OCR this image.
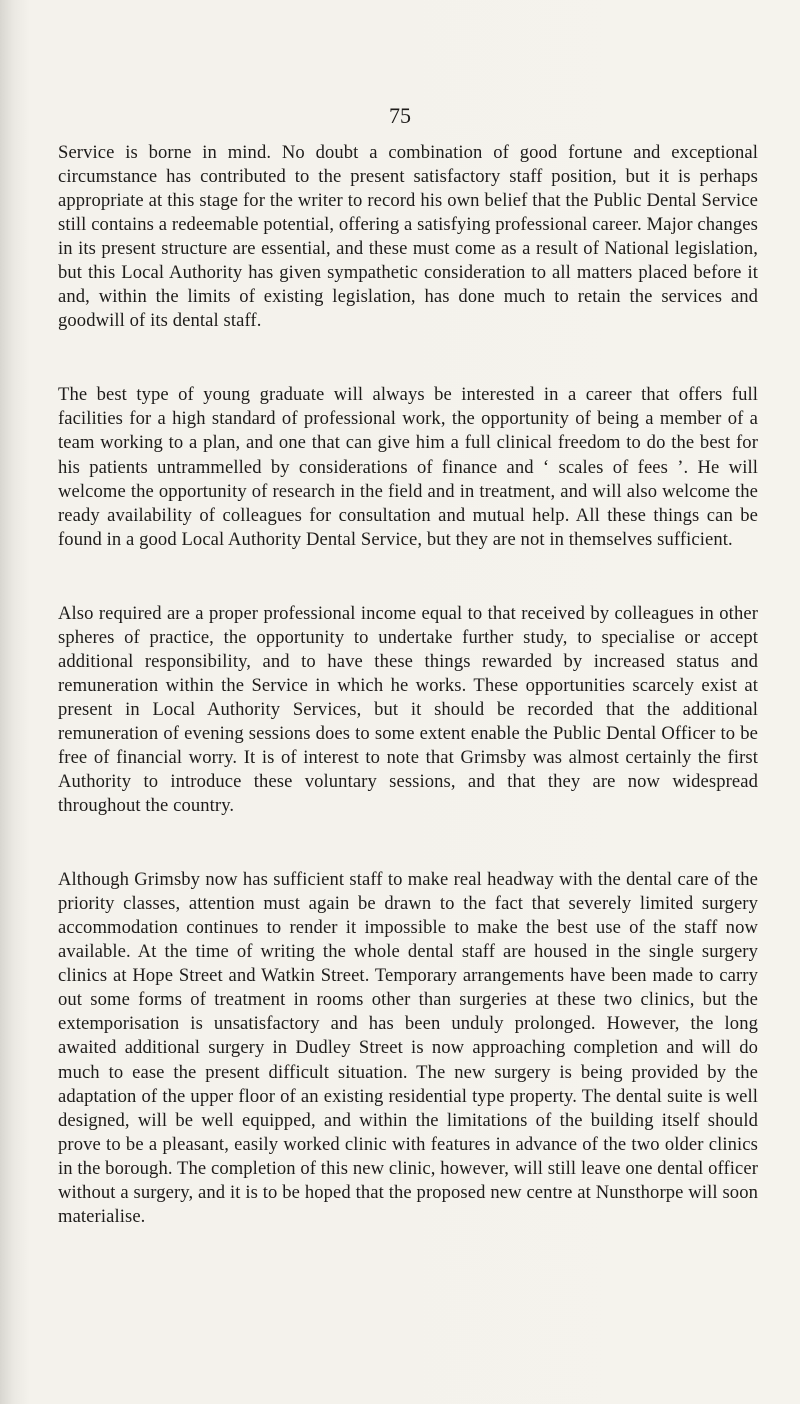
75

Service is borne in mind. No doubt a combination of good fortune and exceptional circumstance has contributed to the present satisfactory staff position, but it is perhaps appropriate at this stage for the writer to record his own belief that the Public Dental Service still contains a redeemable potential, offering a satisfying professional career. Major changes in its present structure are essential, and these must come as a result of National legislation, but this Local Authority has given sympathetic consideration to all matters placed before it and, within the limits of existing legislation, has done much to retain the services and goodwill of its dental staff.

The best type of young graduate will always be interested in a career that offers full facilities for a high standard of professional work, the opportunity of being a member of a team working to a plan, and one that can give him a full clinical freedom to do the best for his patients untrammelled by considerations of finance and ‘ scales of fees ’. He will welcome the opportunity of research in the field and in treatment, and will also welcome the ready availability of colleagues for consultation and mutual help. All these things can be found in a good Local Authority Dental Service, but they are not in themselves sufficient.

Also required are a proper professional income equal to that received by colleagues in other spheres of practice, the opportunity to undertake further study, to specialise or accept additional responsibility, and to have these things rewarded by increased status and remuneration within the Service in which he works. These opportunities scarcely exist at present in Local Authority Services, but it should be recorded that the additional remuneration of evening sessions does to some extent enable the Public Dental Officer to be free of financial worry. It is of interest to note that Grimsby was almost certainly the first Authority to introduce these voluntary sessions, and that they are now widespread throughout the country.

Although Grimsby now has sufficient staff to make real headway with the dental care of the priority classes, attention must again be drawn to the fact that severely limited surgery accommodation continues to render it impossible to make the best use of the staff now available. At the time of writing the whole dental staff are housed in the single surgery clinics at Hope Street and Watkin Street. Temporary arrangements have been made to carry out some forms of treatment in rooms other than surgeries at these two clinics, but the extemporisation is unsatisfactory and has been unduly prolonged. However, the long awaited additional surgery in Dudley Street is now approaching completion and will do much to ease the present difficult situation. The new surgery is being provided by the adaptation of the upper floor of an existing residential type property. The dental suite is well designed, will be well equipped, and within the limitations of the building itself should prove to be a pleasant, easily worked clinic with features in advance of the two older clinics in the borough. The completion of this new clinic, however, will still leave one dental officer without a surgery, and it is to be hoped that the proposed new centre at Nunsthorpe will soon materialise.
